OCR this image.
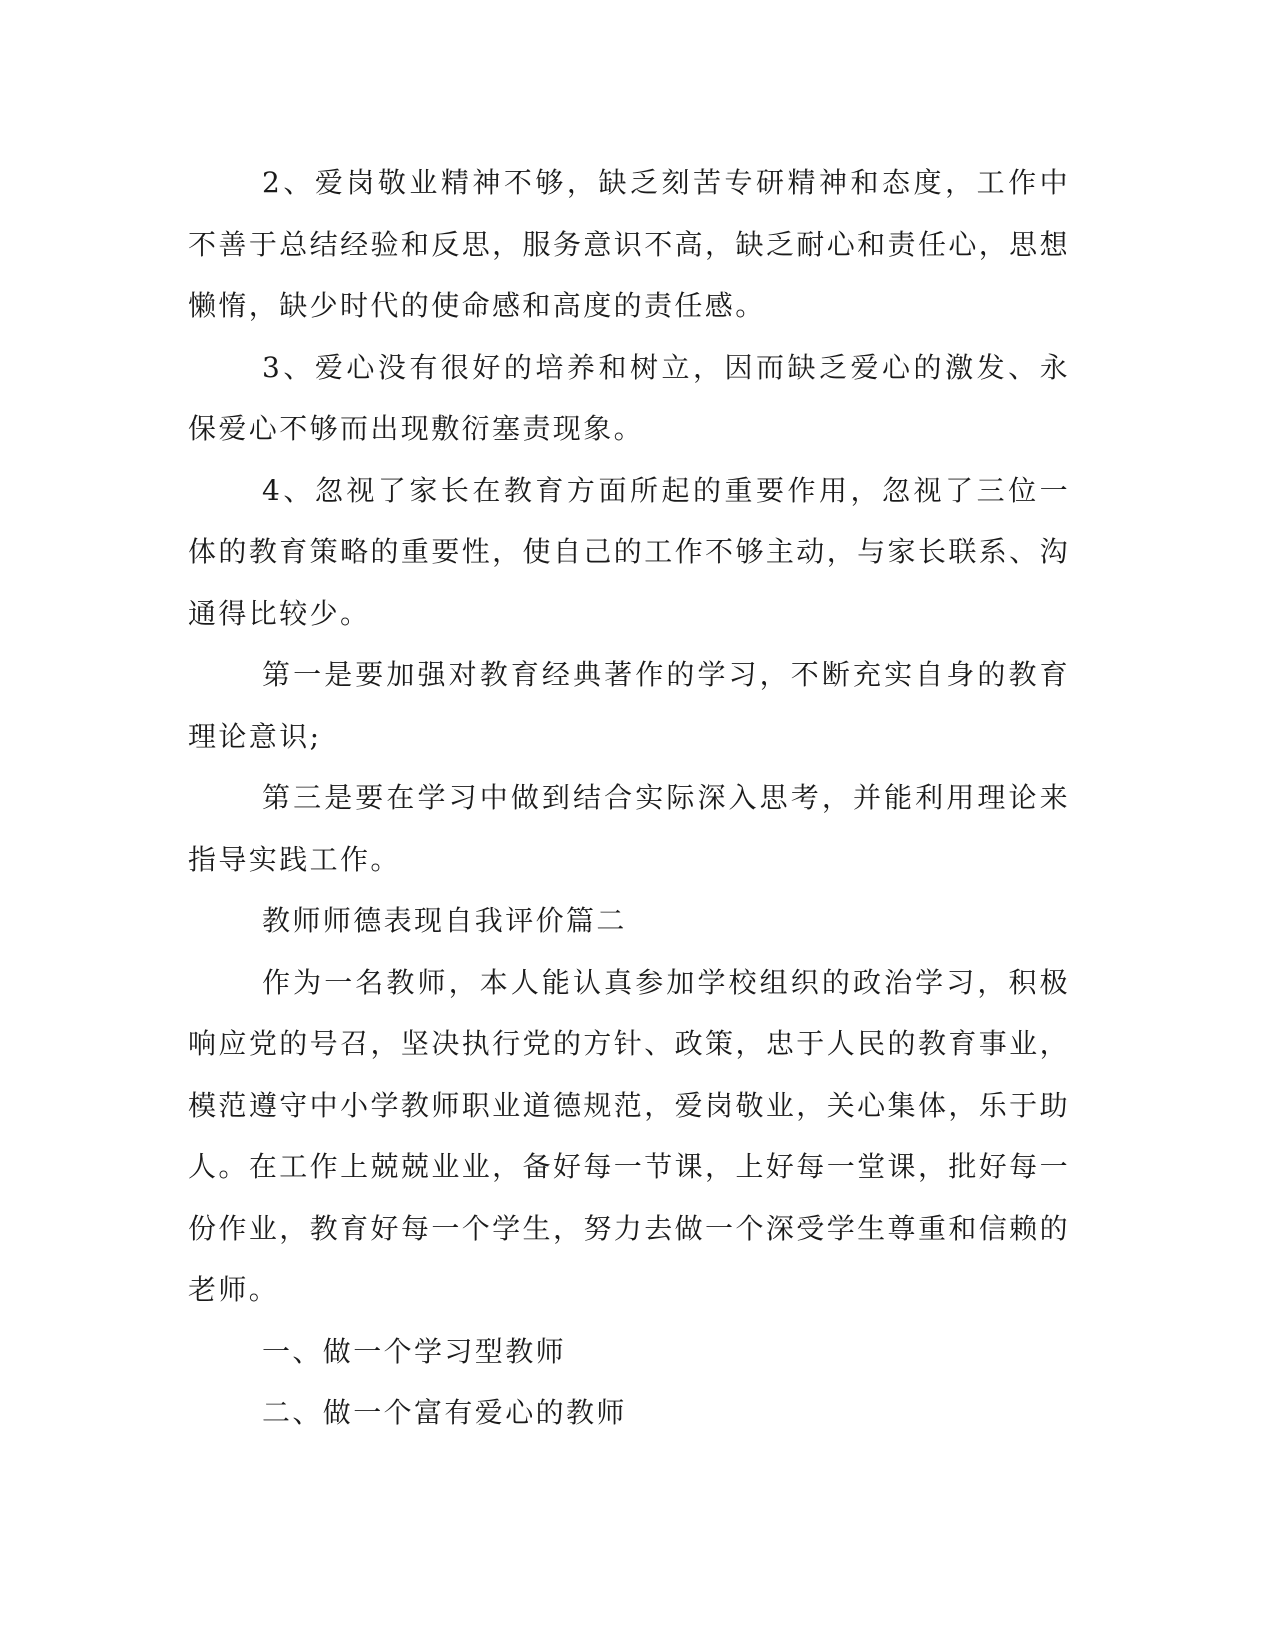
2、爱岗敬业精神不够，缺乏刻苦专研精神和态度，工作中不善于总结经验和反思，服务意识不高，缺乏耐心和责任心，思想懒惰，缺少时代的使命感和高度的责任感。

3、爱心没有很好的培养和树立，因而缺乏爱心的激发、永保爱心不够而出现敷衍塞责现象。

4、忽视了家长在教育方面所起的重要作用，忽视了三位一体的教育策略的重要性，使自己的工作不够主动，与家长联系、沟通得比较少。

第一是要加强对教育经典著作的学习，不断充实自身的教育理论意识;

第三是要在学习中做到结合实际深入思考，并能利用理论来指导实践工作。

教师师德表现自我评价篇二

作为一名教师，本人能认真参加学校组织的政治学习，积极响应党的号召，坚决执行党的方针、政策，忠于人民的教育事业，模范遵守中小学教师职业道德规范，爱岗敬业，关心集体，乐于助人。在工作上兢兢业业，备好每一节课，上好每一堂课，批好每一份作业，教育好每一个学生，努力去做一个深受学生尊重和信赖的老师。

一、做一个学习型教师

二、做一个富有爱心的教师
